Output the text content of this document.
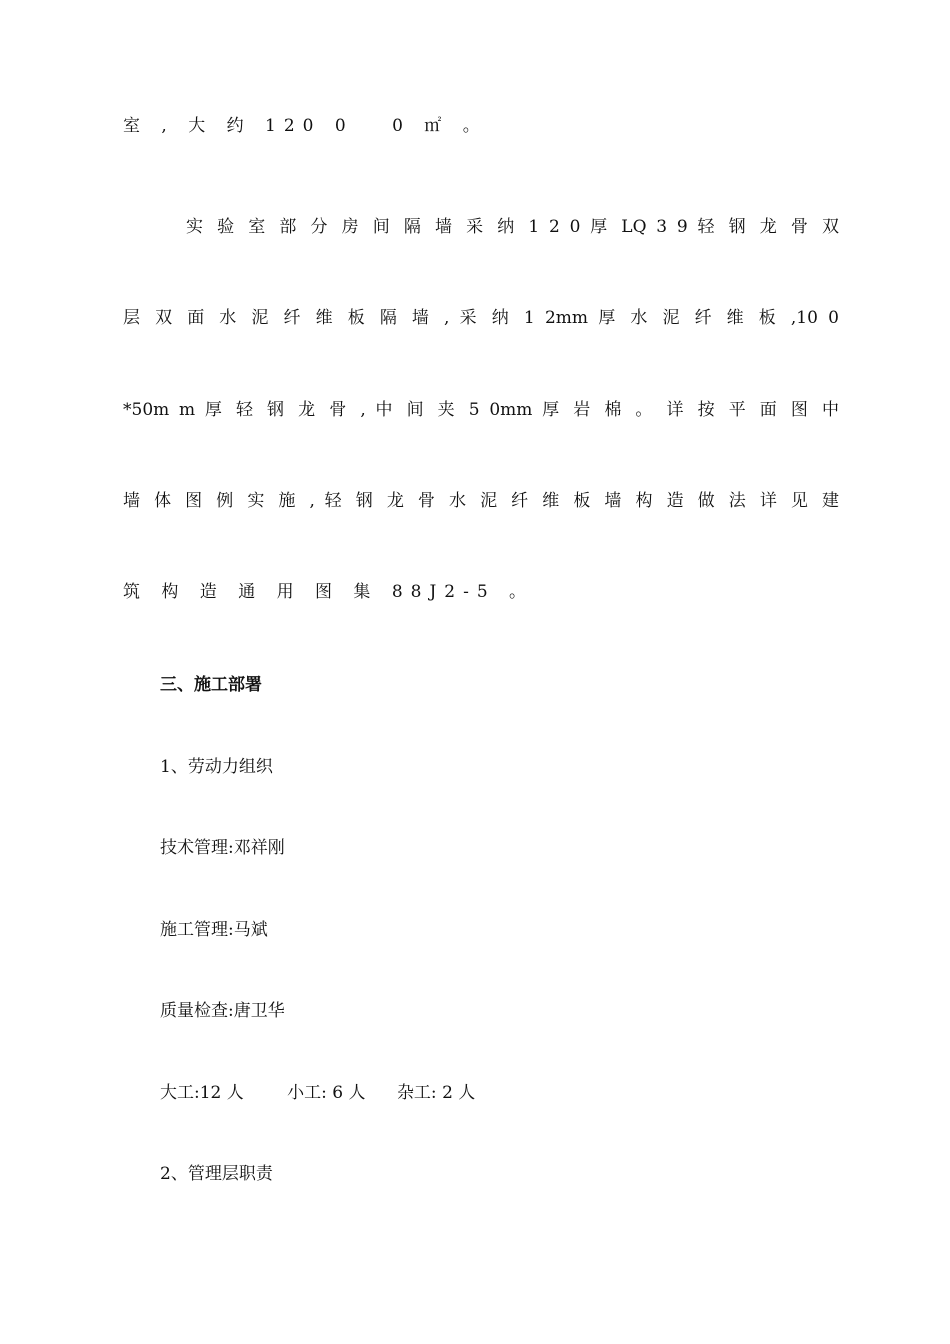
室 , 大 约 120 0 　0 ㎡ 。
实 验 室 部 分 房 间 隔 墙 采 纳 1 2 0 厚 LQ 3 9 轻 钢 龙 骨 双
层 双 面 水 泥 纤 维 板 隔 墙 , 采 纳 1 2mm 厚 水 泥 纤 维 板 ,10 0
*50m m 厚 轻 钢 龙 骨 , 中 间 夹 5 0mm 厚 岩 棉 。 详 按 平 面 图 中
墙 体 图 例 实 施 , 轻 钢 龙 骨 水 泥 纤 维 板 墙 构 造 做 法 详 见 建
筑 构 造 通 用 图 集 88J2-5 。
三、施工部署
1、劳动力组织
技术管理:邓祥刚
施工管理:马斌
质量检查:唐卫华
大工:12 人	小工: 6 人 杂工: 2 人
2、管理层职责
